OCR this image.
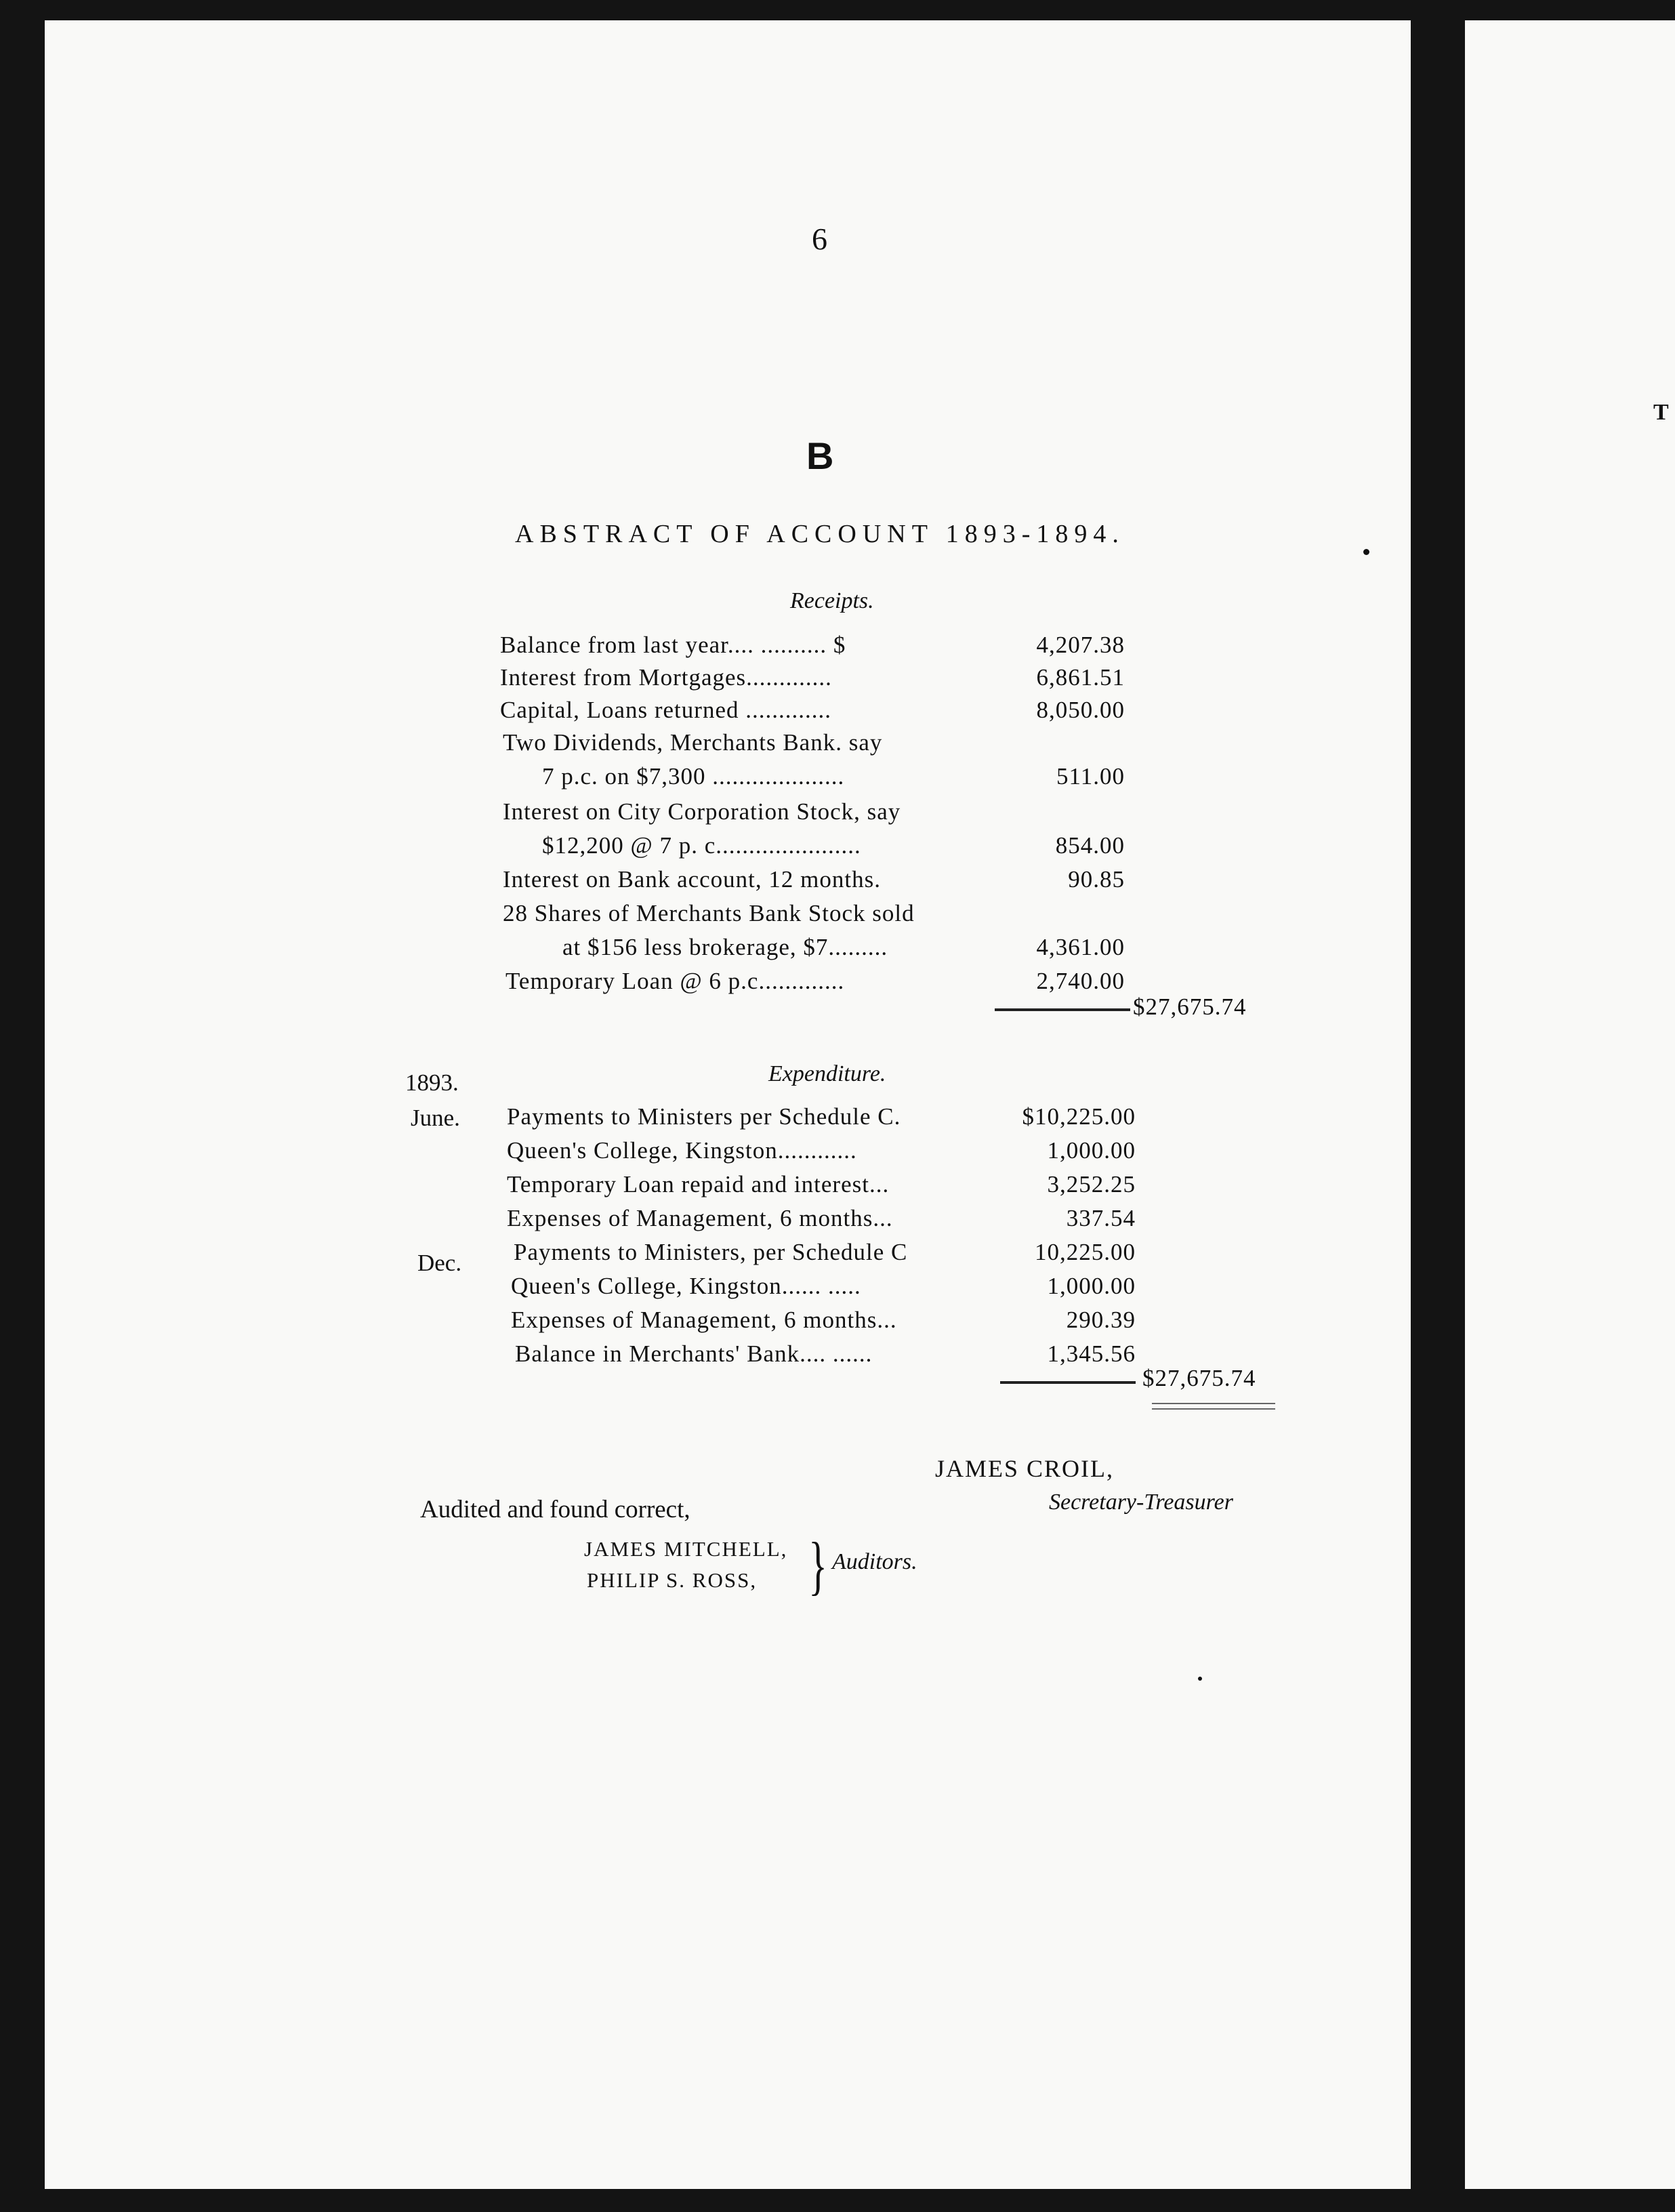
T
6
B
ABSTRACT OF ACCOUNT 1893-1894.
Receipts.
Balance from last year.... .......... $	4,207.38
Interest from Mortgages.............	6,861.51
Capital, Loans returned .............	8,050.00
Two Dividends, Merchants Bank. say
7 p.c. on $7,300 ....................	511.00
Interest on City Corporation Stock, say
$12,200 @ 7 p. c......................	854.00
Interest on Bank account, 12 months.	90.85
28 Shares of Merchants Bank Stock sold
at $156 less brokerage, $7.........	4,361.00
Temporary Loan @ 6 p.c.............	2,740.00
$27,675.74
1893.	Expenditure.
June. Payments to Ministers per Schedule C.	$10,225.00
Queen's College, Kingston............	1,000.00
Temporary Loan repaid and interest...	3,252.25
Expenses of Management, 6 months...	337.54
Dec. Payments to Ministers, per Schedule C	10,225.00
Queen's College, Kingston...... .....	1,000.00
Expenses of Management, 6 months...	290.39
Balance in Merchants' Bank.... ......	1,345.56
$27,675.74
JAMES CROIL,
Secretary-Treasurer
Audited and found correct,
JAMES MITCHELL,
PHILIP S. ROSS, } Auditors.
